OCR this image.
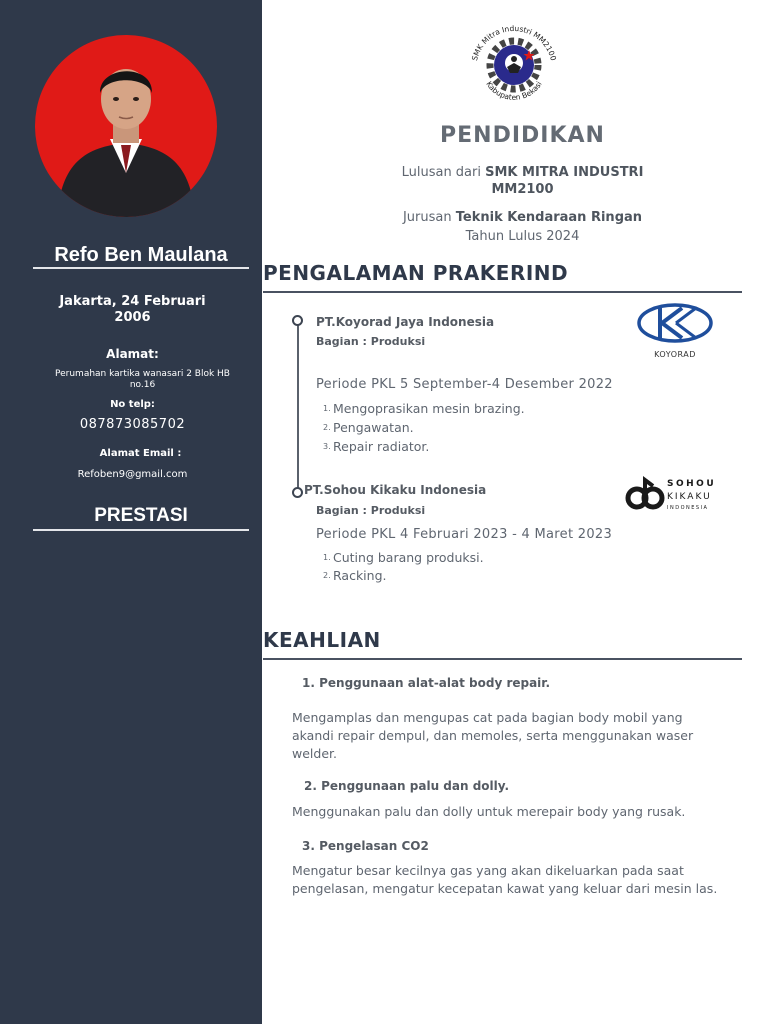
Refo Ben Maulana
Jakarta, 24 Februari 2006
Alamat:
Perumahan kartika wanasari 2 Blok HB no.16
No telp:
087873085702
Alamat Email :
Refoben9@gmail.com
PRESTASI
SMK Mitra Industri MM2100
Kabupaten Bekasi
PENDIDIKAN
Lulusan dari SMK MITRA INDUSTRI
MM2100
Jurusan Teknik Kendaraan Ringan
Tahun Lulus 2024
PENGALAMAN PRAKERIND
PT.Koyorad Jaya Indonesia
Bagian : Produksi
KOYORAD
Periode PKL 5 September-4 Desember 2022
1. Mengoprasikan mesin brazing.
2. Pengawatan.
3. Repair radiator.
PT.Sohou Kikaku Indonesia
Bagian : Produksi
SOHOU
KIKAKU
INDONESIA
Periode PKL 4 Februari 2023 - 4 Maret 2023
1. Cuting barang produksi.
2. Racking.
KEAHLIAN
1. Penggunaan alat-alat body repair.
Mengamplas dan mengupas cat pada bagian body mobil yang
akandi repair dempul, dan memoles, serta menggunakan waser
welder.
2. Penggunaan palu dan dolly.
Menggunakan palu dan dolly untuk merepair body yang rusak.
3. Pengelasan CO2
Mengatur besar kecilnya gas yang akan dikeluarkan pada saat
pengelasan, mengatur kecepatan kawat yang keluar dari mesin las.
